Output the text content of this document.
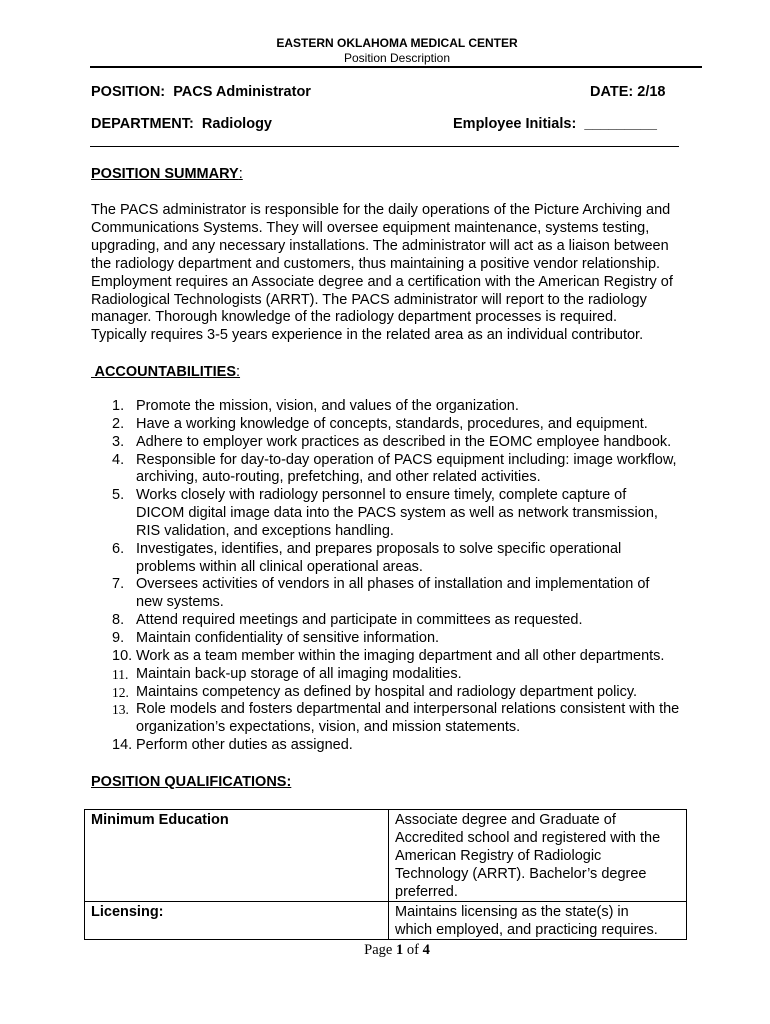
EASTERN OKLAHOMA MEDICAL CENTER
Position Description
POSITION: PACS Administrator	DATE: 2/18
DEPARTMENT: Radiology	Employee Initials: _________
POSITION SUMMARY:

The PACS administrator is responsible for the daily operations of the Picture Archiving and

Communications Systems. They will oversee equipment maintenance, systems testing,

upgrading, and any necessary installations. The administrator will act as a liaison between

the radiology department and customers, thus maintaining a positive vendor relationship.

Employment requires an Associate degree and a certification with the American Registry of

Radiological Technologists (ARRT). The PACS administrator will report to the radiology

manager. Thorough knowledge of the radiology department processes is required.

Typically requires 3-5 years experience in the related area as an individual contributor.

ACCOUNTABILITIES:
1. Promote the mission, vision, and values of the organization.
2. Have a working knowledge of concepts, standards, procedures, and equipment.
3. Adhere to employer work practices as described in the EOMC employee handbook.
4. Responsible for day-to-day operation of PACS equipment including: image workflow,
archiving, auto-routing, prefetching, and other related activities.
5. Works closely with radiology personnel to ensure timely, complete capture of
DICOM digital image data into the PACS system as well as network transmission,
RIS validation, and exceptions handling.
6. Investigates, identifies, and prepares proposals to solve specific operational
problems within all clinical operational areas.
7. Oversees activities of vendors in all phases of installation and implementation of
new systems.
8. Attend required meetings and participate in committees as requested.
9. Maintain confidentiality of sensitive information.
10. Work as a team member within the imaging department and all other departments.
11. Maintain back-up storage of all imaging modalities.
12. Maintains competency as defined by hospital and radiology department policy.
13. Role models and fosters departmental and interpersonal relations consistent with the
organization’s expectations, vision, and mission statements.
14. Perform other duties as assigned.
POSITION QUALIFICATIONS:
Minimum Education	Associate degree and Graduate of
Accredited school and registered with the
American Registry of Radiologic
Technology (ARRT). Bachelor’s degree
preferred.

Licensing:	Maintains licensing as the state(s) in
which employed, and practicing requires.
Page 1 of 4
